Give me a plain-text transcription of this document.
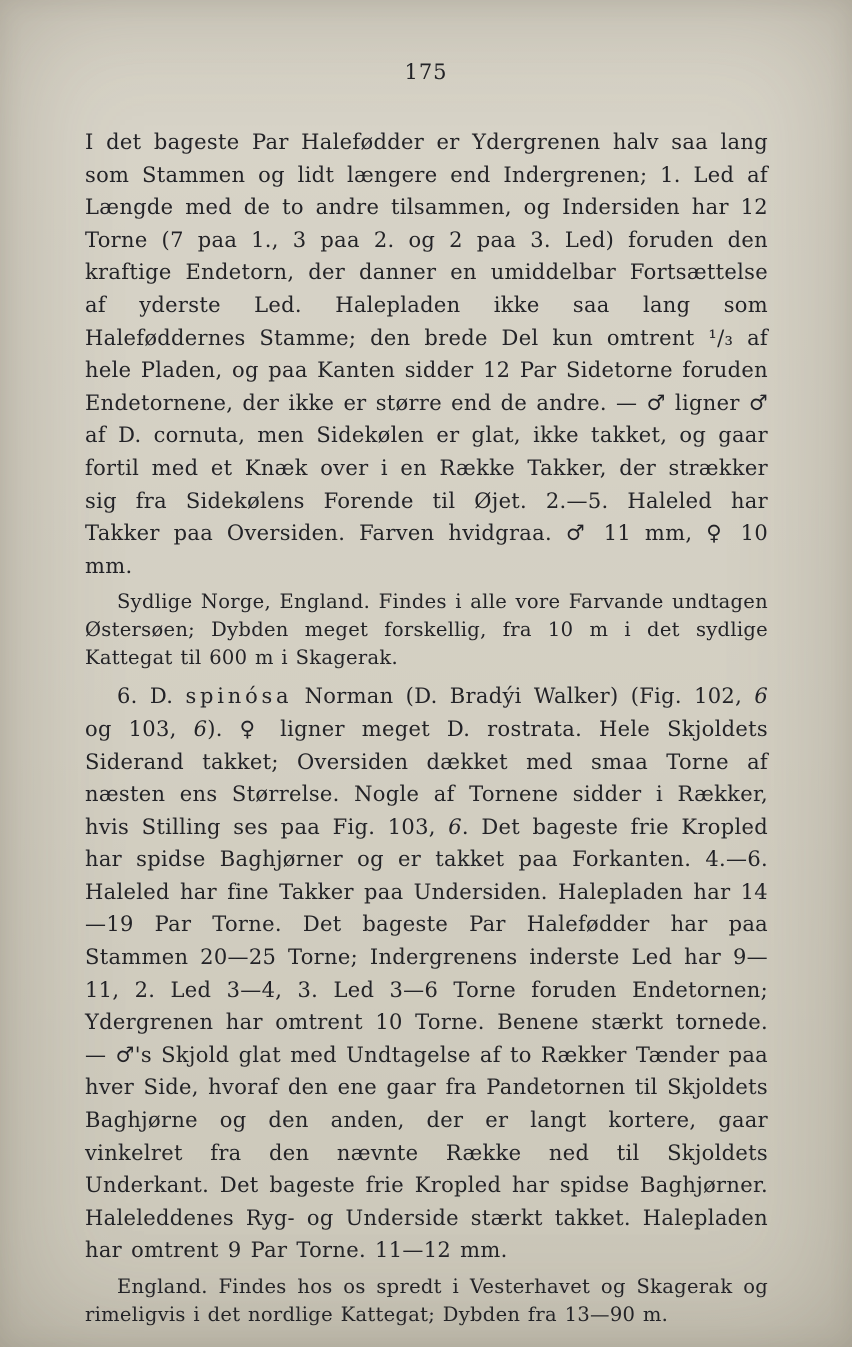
175

I det bageste Par Halefødder er Ydergrenen halv saa lang som Stammen og lidt længere end Indergrenen; 1. Led af Længde med de to andre tilsammen, og Indersiden har 12 Torne (7 paa 1., 3 paa 2. og 2 paa 3. Led) foruden den kraftige Endetorn, der danner en umiddelbar Fortsættelse af yderste Led. Halepladen ikke saa lang som Haleføddernes Stamme; den brede Del kun omtrent ¹/₃ af hele Pladen, og paa Kanten sidder 12 Par Sidetorne foruden Endetornene, der ikke er større end de andre. — ♂ ligner ♂ af D. cornuta, men Sidekølen er glat, ikke takket, og gaar fortil med et Knæk over i en Række Takker, der strækker sig fra Sidekølens Forende til Øjet. 2.—5. Haleled har Takker paa Oversiden. Farven hvidgraa. ♂ 11 mm, ♀ 10 mm.

Sydlige Norge, England. Findes i alle vore Farvande undtagen Østersøen; Dybden meget forskellig, fra 10 m i det sydlige Kattegat til 600 m i Skagerak.

6. D. spinósa Norman (D. Bradýi Walker) (Fig. 102, 6 og 103, 6). ♀ ligner meget D. rostrata. Hele Skjoldets Siderand takket; Oversiden dækket med smaa Torne af næsten ens Størrelse. Nogle af Tornene sidder i Rækker, hvis Stilling ses paa Fig. 103, 6. Det bageste frie Kropled har spidse Baghjørner og er takket paa Forkanten. 4.—6. Haleled har fine Takker paa Undersiden. Halepladen har 14—19 Par Torne. Det bageste Par Halefødder har paa Stammen 20—25 Torne; Indergrenens inderste Led har 9—11, 2. Led 3—4, 3. Led 3—6 Torne foruden Endetornen; Ydergrenen har omtrent 10 Torne. Benene stærkt tornede. — ♂'s Skjold glat med Undtagelse af to Rækker Tænder paa hver Side, hvoraf den ene gaar fra Pandetornen til Skjoldets Baghjørne og den anden, der er langt kortere, gaar vinkelret fra den nævnte Række ned til Skjoldets Underkant. Det bageste frie Kropled har spidse Baghjørner. Haleleddenes Ryg- og Underside stærkt takket. Halepladen har omtrent 9 Par Torne. 11—12 mm.

England. Findes hos os spredt i Vesterhavet og Skagerak og rimeligvis i det nordlige Kattegat; Dybden fra 13—90 m.
